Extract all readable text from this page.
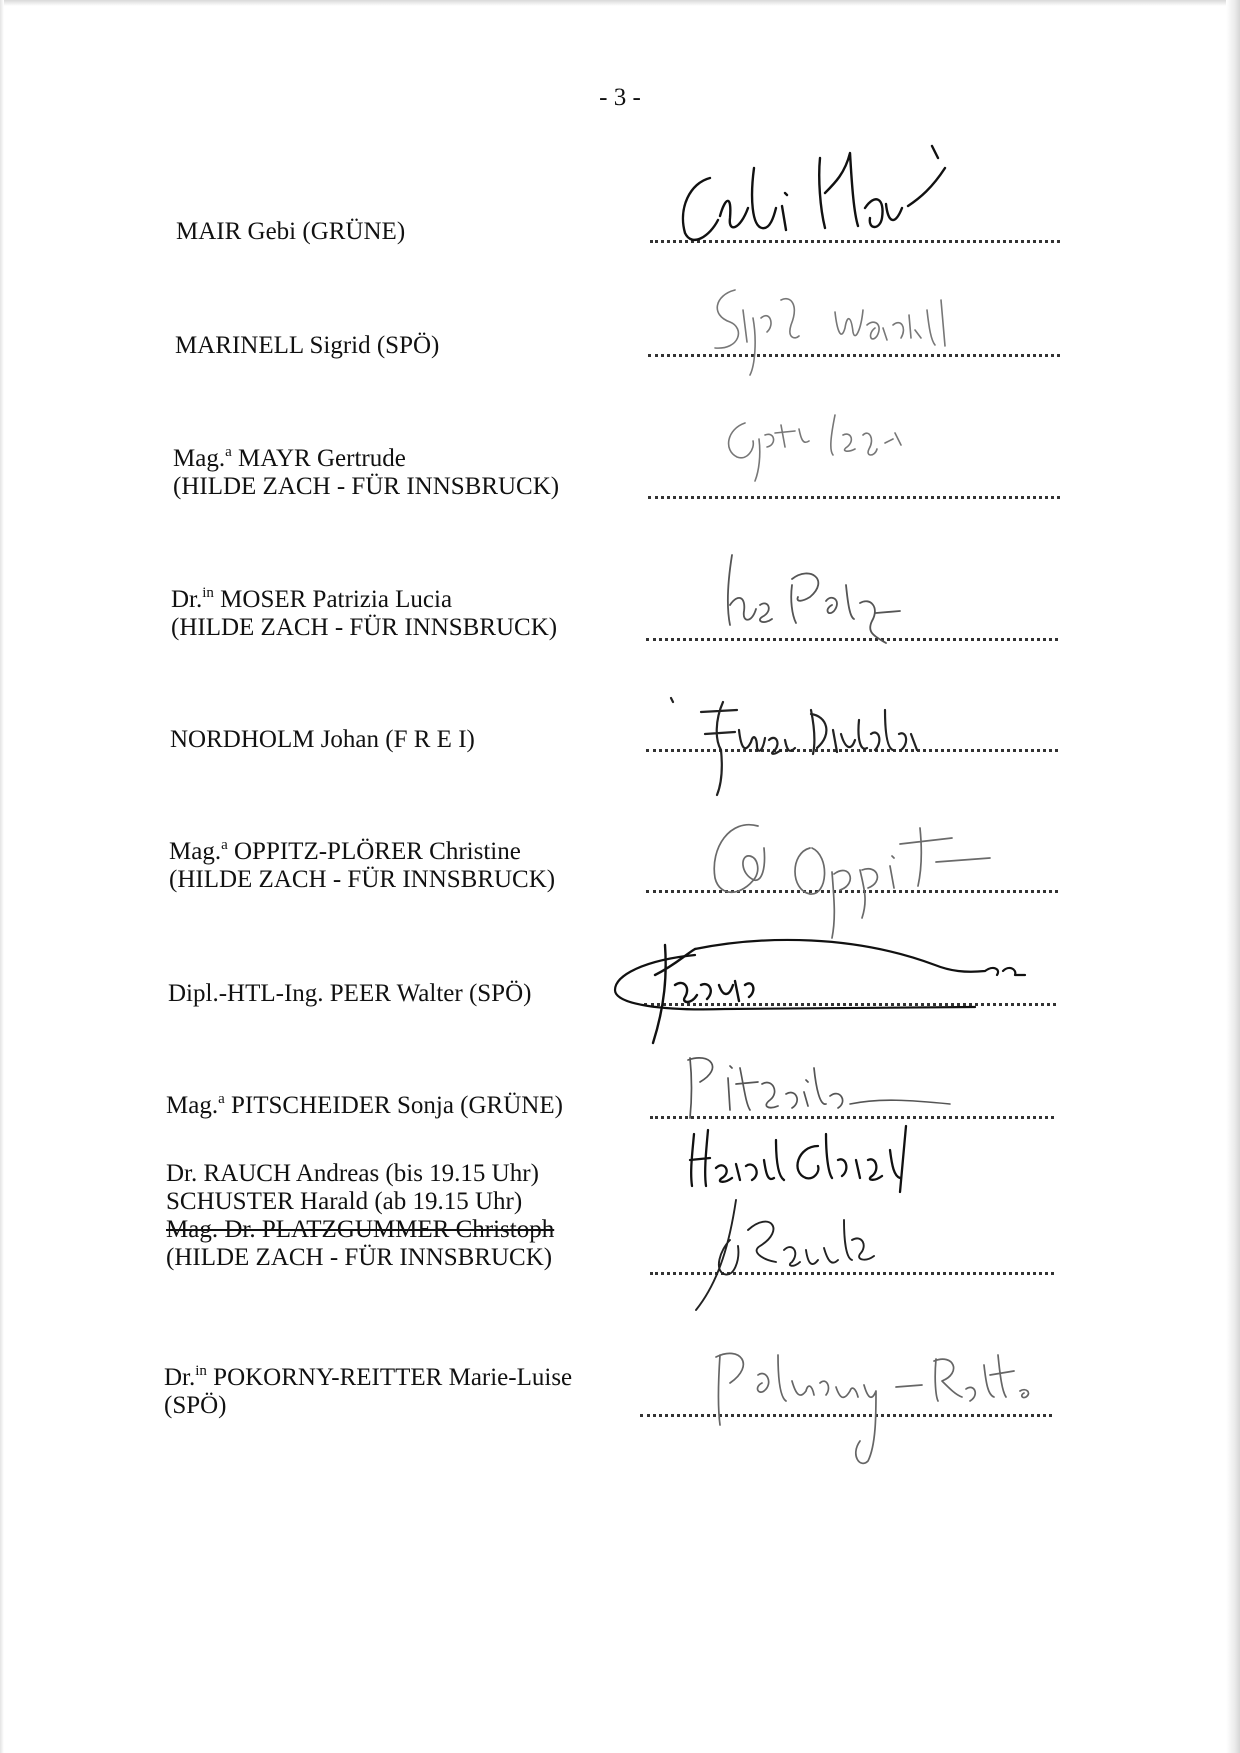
- 3 -
MAIR Gebi (GRÜNE)
MARINELL Sigrid (SPÖ)
Mag.$^a$ MAYR Gertrude
(HILDE ZACH - FÜR INNSBRUCK)
Dr.$^{in}$ MOSER Patrizia Lucia
(HILDE ZACH - FÜR INNSBRUCK)
NORDHOLM Johan (F R E I)
Mag.$^a$ OPPITZ-PLÖRER Christine
(HILDE ZACH - FÜR INNSBRUCK)
Dipl.-HTL-Ing. PEER Walter (SPÖ)
Mag.$^a$ PITSCHEIDER Sonja (GRÜNE)
Dr. RAUCH Andreas (bis 19.15 Uhr)
SCHUSTER Harald (ab 19.15 Uhr)
Mag. Dr. PLATZGUMMER Christoph
(HILDE ZACH - FÜR INNSBRUCK)
Dr.$^{in}$ POKORNY-REITTER Marie-Luise
(SPÖ)
